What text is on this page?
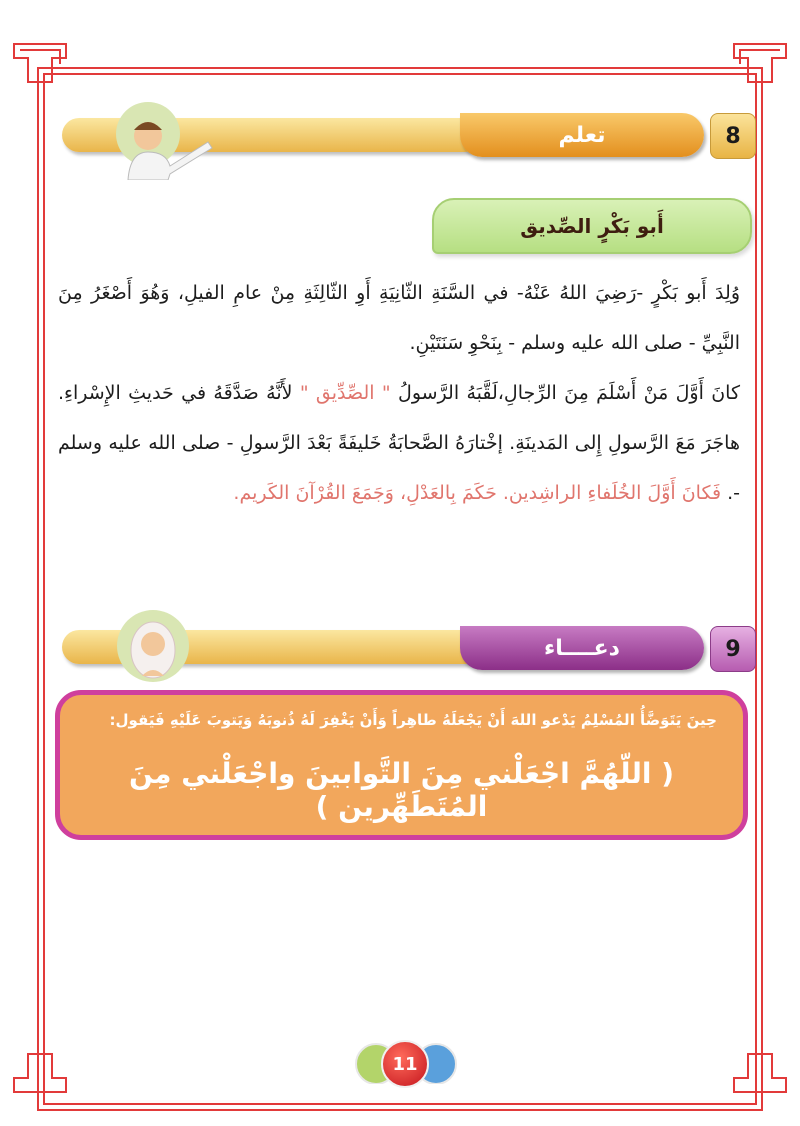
تعلم	8
أَبو بَكْرٍ الصِّديق

وُلِدَ أَبو بَكْرٍ -رَضِيَ اللهُ عَنْهُ- في السَّنَةِ الثّانِيَةِ أَوِ الثّالِثَةِ مِنْ عامِ الفيلِ، وَهُوَ أَصْغَرُ مِنَ النَّبِيِّ - صلى الله عليه وسلم - بِنَحْوِ سَنَتَيْنِ.

كانَ أَوَّلَ مَنْ أَسْلَمَ مِنَ الرِّجالِ،لَقَّبَهُ الرَّسولُ " الصِّدِّيق " لأَنَّهُ صَدَّقَهُ في حَديثِ الإِسْراءِ. هاجَرَ مَعَ الرَّسولِ إِلى المَدينَةِ. إخْتارَهُ الصَّحابَةُ خَليفَةً بَعْدَ الرَّسولِ - صلى الله عليه وسلم -. فَكانَ أَوَّلَ الخُلَفاءِ الراشِدين. حَكَمَ بِالعَدْلِ، وَجَمَعَ القُرْآنَ الكَريم.

دعــــاء	9
حِينَ يَتَوَضَّأُ المُسْلِمُ يَدْعو اللهَ أَنْ يَجْعَلَهُ طاهِراً وَأَنْ يَغْفِرَ لَهُ ذُنوبَهُ وَيَتوبَ عَلَيْهِ فَيَقول:
( اللّهُمَّ اجْعَلْني مِنَ التَّوابينَ واجْعَلْني مِنَ المُتَطَهِّرين )
11
